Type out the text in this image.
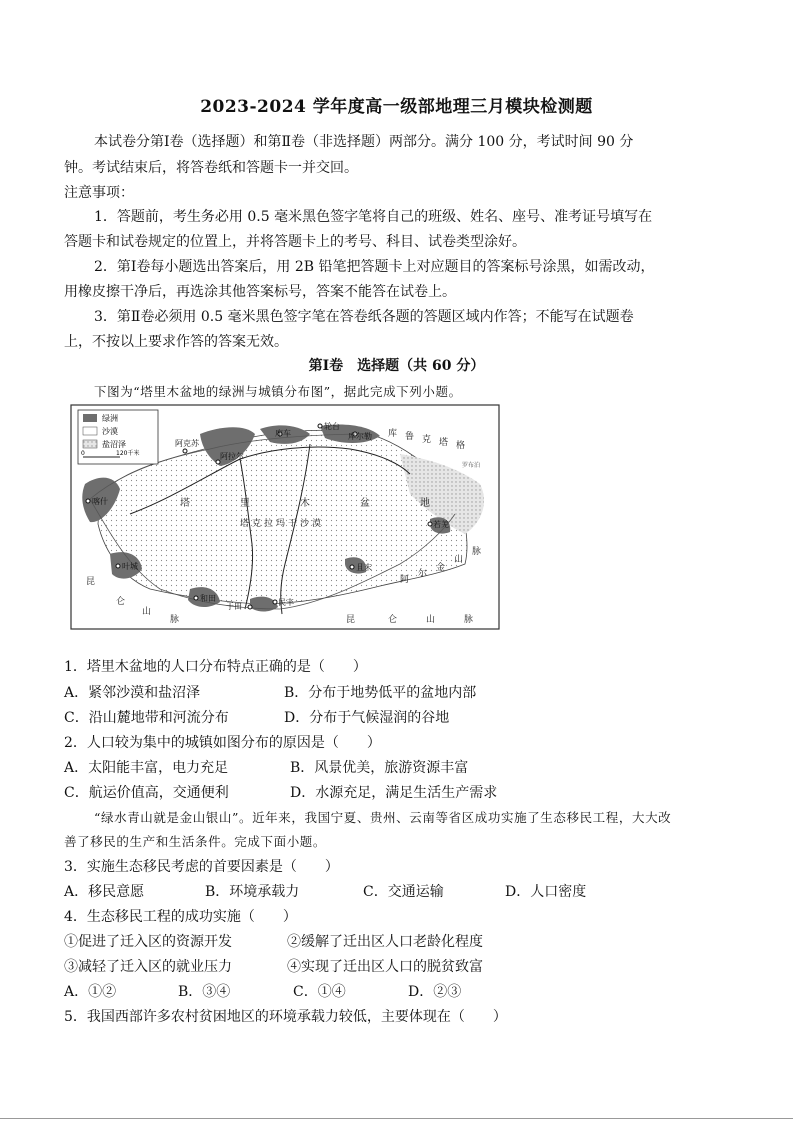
2023-2024 学年度高一级部地理三月模块检测题
本试卷分第Ⅰ卷（选择题）和第Ⅱ卷（非选择题）两部分。满分 100 分，考试时间 90 分
钟。考试结束后，将答卷纸和答题卡一并交回。
注意事项：
1．答题前，考生务必用 0.5 毫米黑色签字笔将自己的班级、姓名、座号、准考证号填写在
答题卡和试卷规定的位置上，并将答题卡上的考号、科目、试卷类型涂好。
2．第Ⅰ卷每小题选出答案后，用 2B 铅笔把答题卡上对应题目的答案标号涂黑，如需改动，
用橡皮擦干净后，再选涂其他答案标号，答案不能答在试卷上。
3．第Ⅱ卷必须用 0.5 毫米黑色签字笔在答卷纸各题的答题区域内作答；不能写在试题卷
上，不按以上要求作答的答案无效。
第Ⅰ卷　选择题（共 60 分）
下图为“塔里木盆地的绿洲与城镇分布图”，据此完成下列小题。
绿洲
沙漠
盐沼泽
0	120千米
阿克苏
库车
轮台
库尔勒
阿拉尔
喀什
叶城
和田
于田	民丰
且末
若羌
塔	里	木	盆	地
塔克拉玛干沙漠
库 鲁 克 塔 格
罗布泊
阿
尔
金
山
脉
昆
仑
山
脉	昆	仑	山	脉
1．塔里木盆地的人口分布特点正确的是（　　）
A．紧邻沙漠和盐沼泽	B．分布于地势低平的盆地内部
C．沿山麓地带和河流分布	D．分布于气候湿润的谷地
2．人口较为集中的城镇如图分布的原因是（　　）
A．太阳能丰富，电力充足	B．风景优美，旅游资源丰富
C．航运价值高，交通便利	D．水源充足，满足生活生产需求
“绿水青山就是金山银山”。近年来，我国宁夏、贵州、云南等省区成功实施了生态移民工程，大大改
善了移民的生产和生活条件。完成下面小题。
3．实施生态移民考虑的首要因素是（　　）
A．移民意愿	B．环境承载力	C．交通运输	D．人口密度
4．生态移民工程的成功实施（　　）
①促进了迁入区的资源开发	②缓解了迁出区人口老龄化程度
③减轻了迁入区的就业压力	④实现了迁出区人口的脱贫致富
A．①②	B．③④	C．①④	D．②③
5．我国西部许多农村贫困地区的环境承载力较低，主要体现在（　　）
